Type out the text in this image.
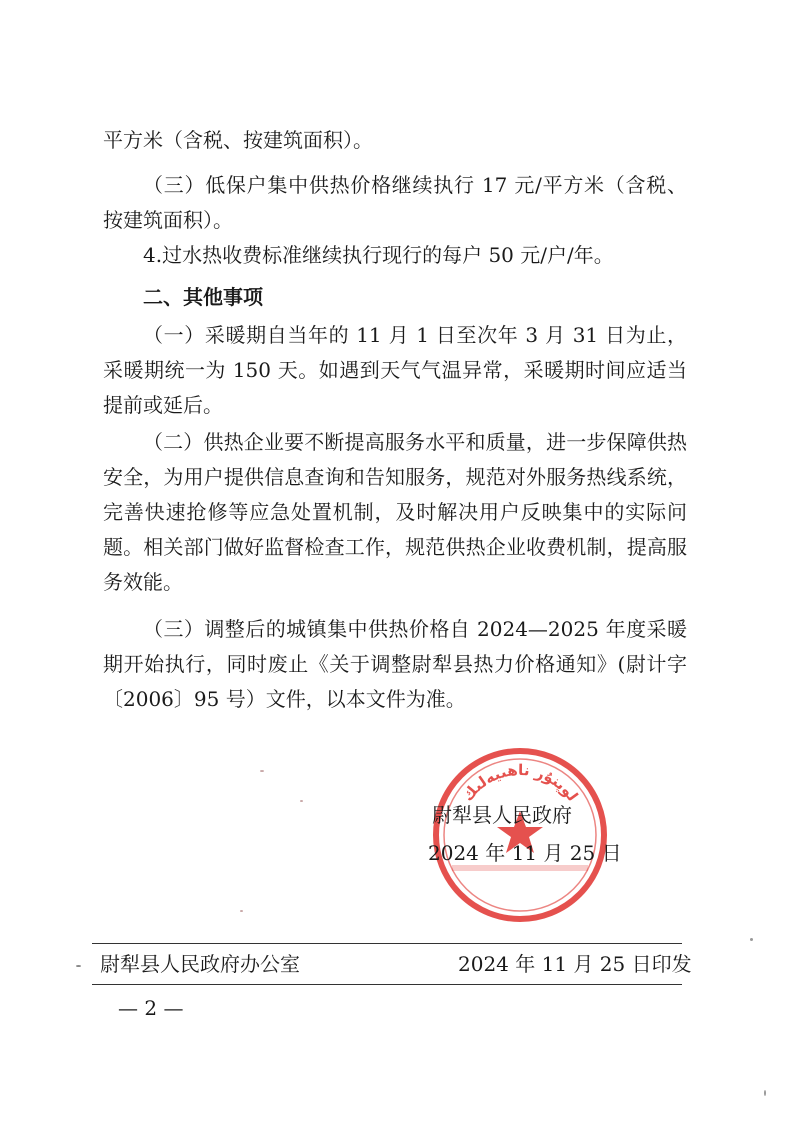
平方米（含税、按建筑面积）。

（三）低保户集中供热价格继续执行 17 元/平方米（含税、按建筑面积）。

4.过水热收费标准继续执行现行的每户 50 元/户/年。

二、其他事项

（一）采暖期自当年的 11 月 1 日至次年 3 月 31 日为止，采暖期统一为 150 天。如遇到天气气温异常，采暖期时间应适当提前或延后。

（二）供热企业要不断提高服务水平和质量，进一步保障供热安全，为用户提供信息查询和告知服务，规范对外服务热线系统，完善快速抢修等应急处置机制，及时解决用户反映集中的实际问题。相关部门做好监督检查工作，规范供热企业收费机制，提高服务效能。

（三）调整后的城镇集中供热价格自 2024—2025 年度采暖期开始执行，同时废止《关于调整尉犁县热力价格通知》(尉计字〔2006〕95 号）文件，以本文件为准。

لوپنۇر ناھىيەلىك
尉犁县人民政府
2024 年 11 月 25 日
尉犁县人民政府办公室	2024 年 11 月 25 日印发
— 2 —
